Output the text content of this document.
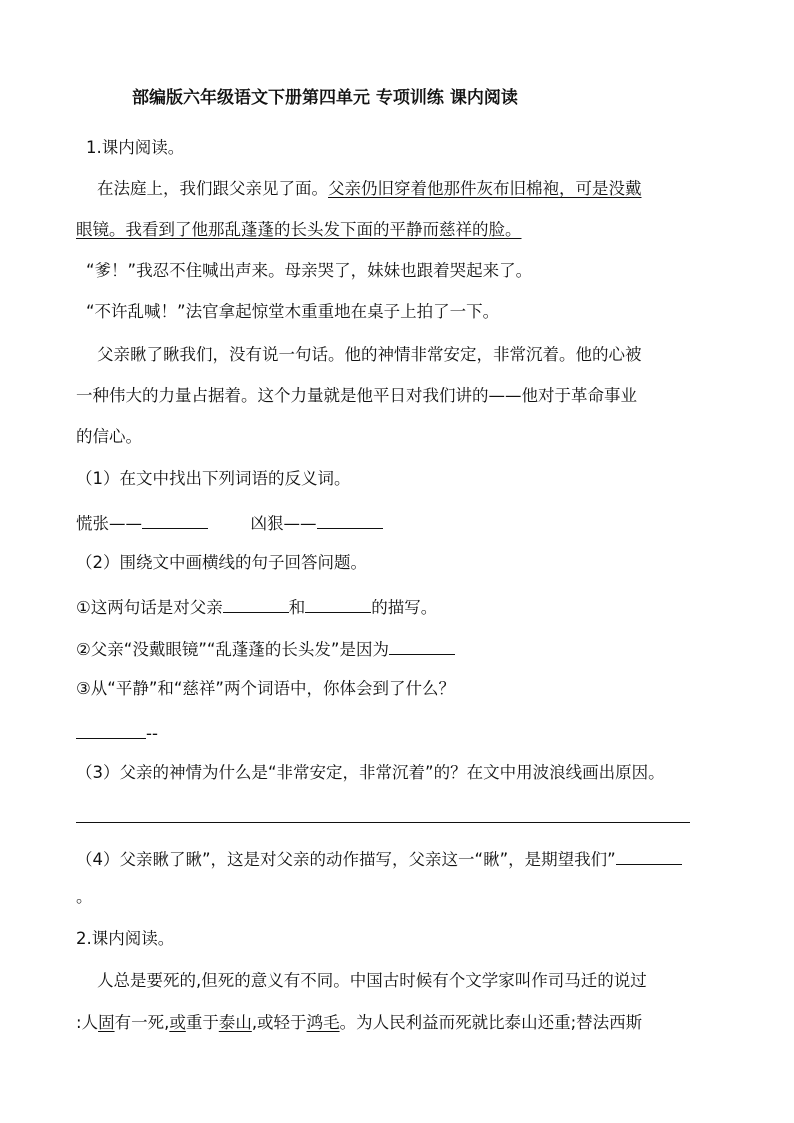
部编版六年级语文下册第四单元 专项训练 课内阅读
1.课内阅读。
在法庭上，我们跟父亲见了面。父亲仍旧穿着他那件灰布旧棉袍，可是没戴
眼镜。我看到了他那乱蓬蓬的长头发下面的平静而慈祥的脸。
“爹！”我忍不住喊出声来。母亲哭了，妹妹也跟着哭起来了。
“不许乱喊！”法官拿起惊堂木重重地在桌子上拍了一下。
父亲瞅了瞅我们，没有说一句话。他的神情非常安定，非常沉着。他的心被
一种伟大的力量占据着。这个力量就是他平日对我们讲的——他对于革命事业
的信心。
（1）在文中找出下列词语的反义词。
慌张——	凶狠——
（2）围绕文中画横线的句子回答问题。
①这两句话是对父亲	和	的描写。
②父亲“没戴眼镜”“乱蓬蓬的长头发”是因为
③从“平静”和“慈祥”两个词语中，你体会到了什么？
--
（3）父亲的神情为什么是“非常安定，非常沉着”的？在文中用波浪线画出原因。
（4）父亲瞅了瞅”，这是对父亲的动作描写，父亲这一“瞅”，是期望我们”
。
2.课内阅读。
人总是要死的,但死的意义有不同。中国古时候有个文学家叫作司马迁的说过
:人固有一死,或重于泰山,或轻于鸿毛。为人民利益而死就比泰山还重;替法西斯
